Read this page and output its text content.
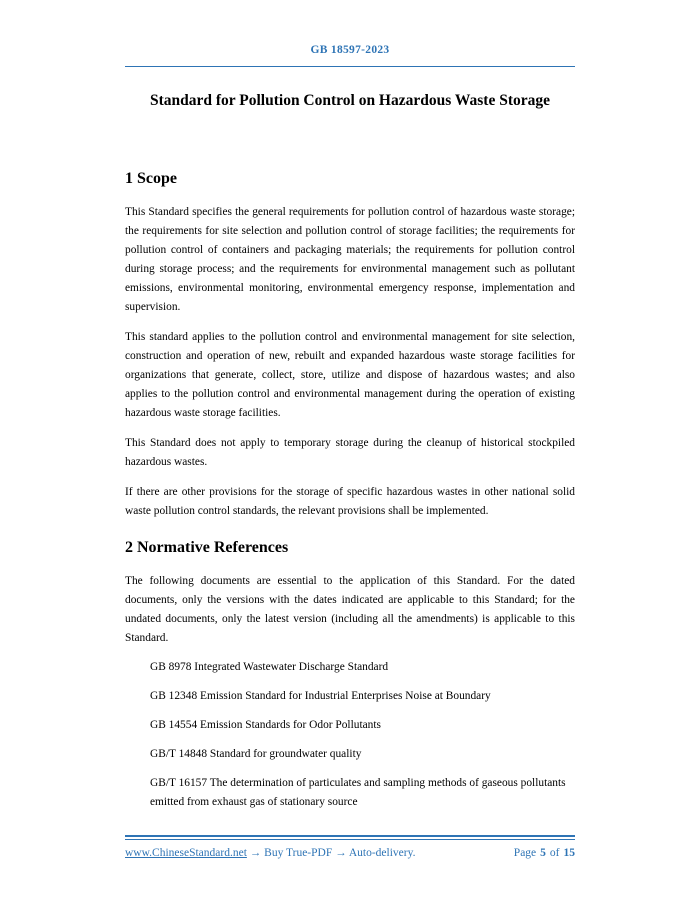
GB 18597-2023
Standard for Pollution Control on Hazardous Waste Storage
1 Scope

This Standard specifies the general requirements for pollution control of hazardous waste storage; the requirements for site selection and pollution control of storage facilities; the requirements for pollution control of containers and packaging materials; the requirements for pollution control during storage process; and the requirements for environmental management such as pollutant emissions, environmental monitoring, environmental emergency response, implementation and supervision.

This standard applies to the pollution control and environmental management for site selection, construction and operation of new, rebuilt and expanded hazardous waste storage facilities for organizations that generate, collect, store, utilize and dispose of hazardous wastes; and also applies to the pollution control and environmental management during the operation of existing hazardous waste storage facilities.

This Standard does not apply to temporary storage during the cleanup of historical stockpiled hazardous wastes.

If there are other provisions for the storage of specific hazardous wastes in other national solid waste pollution control standards, the relevant provisions shall be implemented.

2 Normative References

The following documents are essential to the application of this Standard. For the dated documents, only the versions with the dates indicated are applicable to this Standard; for the undated documents, only the latest version (including all the amendments) is applicable to this Standard.

GB 8978 Integrated Wastewater Discharge Standard
GB 12348 Emission Standard for Industrial Enterprises Noise at Boundary
GB 14554 Emission Standards for Odor Pollutants
GB/T 14848 Standard for groundwater quality
GB/T 16157 The determination of particulates and sampling methods of gaseous pollutants emitted from exhaust gas of stationary source
www.ChineseStandard.net → Buy True-PDF → Auto-delivery.	Page 5 of 15
